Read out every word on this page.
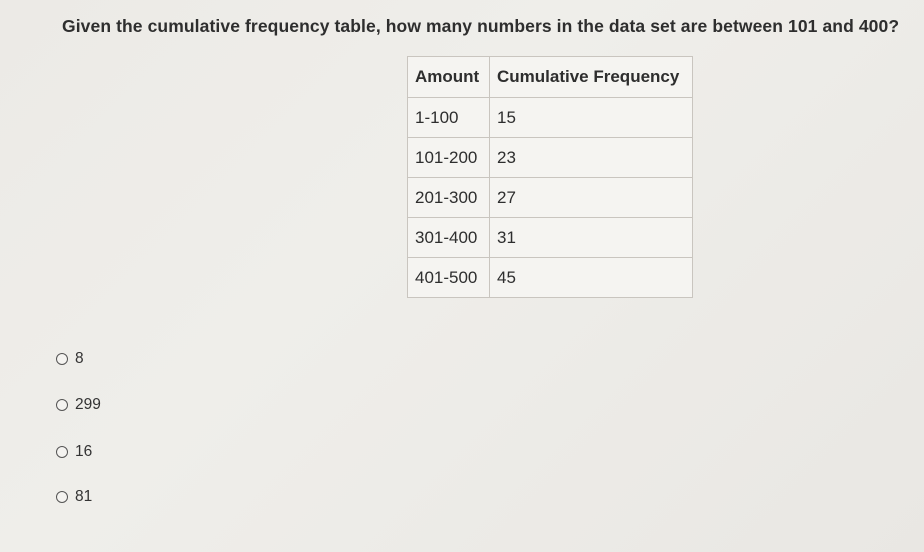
Given the cumulative frequency table, how many numbers in the data set are between 101 and 400?
Amount	Cumulative Frequency
1-100	15
101-200	23
201-300	27
301-400	31
401-500	45
8
299
16
81
